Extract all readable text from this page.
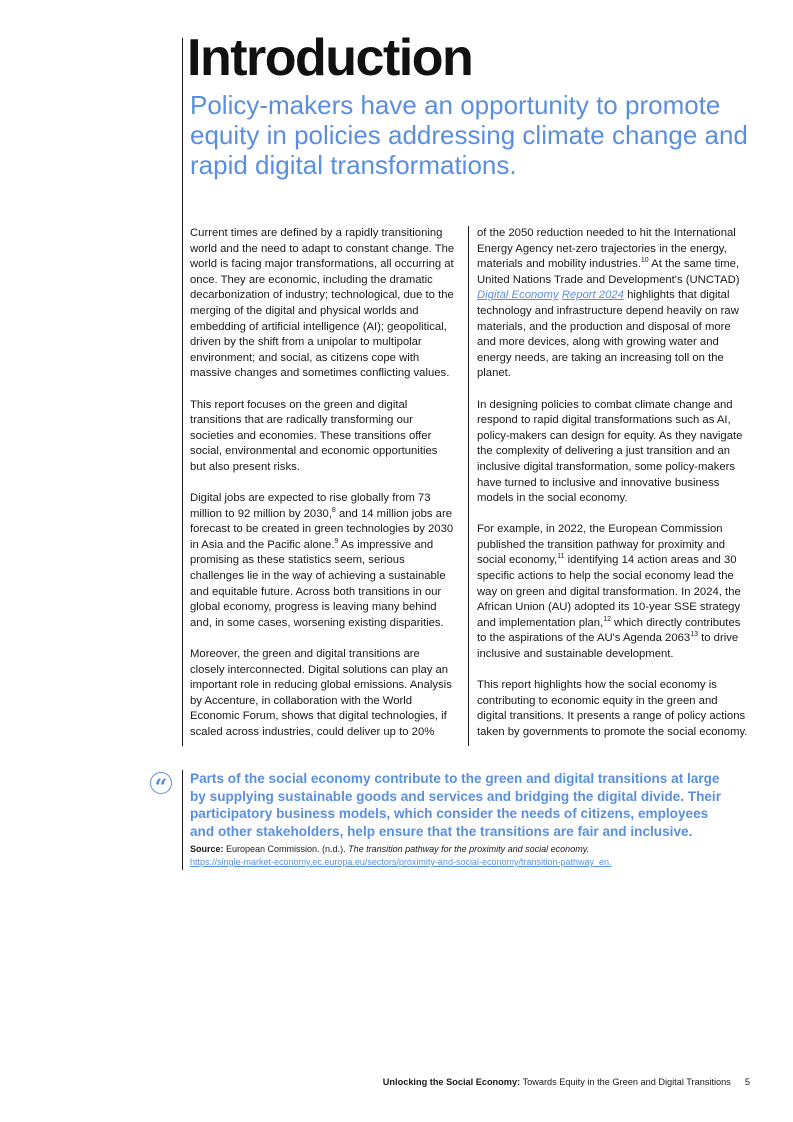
Introduction
Policy-makers have an opportunity to promote equity in policies addressing climate change and rapid digital transformations.

Current times are defined by a rapidly transitioning world and the need to adapt to constant change. The world is facing major transformations, all occurring at once. They are economic, including the dramatic decarbonization of industry; technological, due to the merging of the digital and physical worlds and embedding of artificial intelligence (AI); geopolitical, driven by the shift from a unipolar to multipolar environment; and social, as citizens cope with massive changes and sometimes conflicting values.

This report focuses on the green and digital transitions that are radically transforming our societies and economies. These transitions offer social, environmental and economic opportunities but also present risks.

Digital jobs are expected to rise globally from 73 million to 92 million by 2030,$^8$ and 14 million jobs are forecast to be created in green technologies by 2030 in Asia and the Pacific alone.$^9$ As impressive and promising as these statistics seem, serious challenges lie in the way of achieving a sustainable and equitable future. Across both transitions in our global economy, progress is leaving many behind and, in some cases, worsening existing disparities.

Moreover, the green and digital transitions are closely interconnected. Digital solutions can play an important role in reducing global emissions. Analysis by Accenture, in collaboration with the World Economic Forum, shows that digital technologies, if scaled across industries, could deliver up to 20%

of the 2050 reduction needed to hit the International Energy Agency net-zero trajectories in the energy, materials and mobility industries.$^{10}$ At the same time, United Nations Trade and Development's (UNCTAD) Digital Economy Report 2024 highlights that digital technology and infrastructure depend heavily on raw materials, and the production and disposal of more and more devices, along with growing water and energy needs, are taking an increasing toll on the planet.

In designing policies to combat climate change and respond to rapid digital transformations such as AI, policy-makers can design for equity. As they navigate the complexity of delivering a just transition and an inclusive digital transformation, some policy-makers have turned to inclusive and innovative business models in the social economy.

For example, in 2022, the European Commission published the transition pathway for proximity and social economy,$^{11}$ identifying 14 action areas and 30 specific actions to help the social economy lead the way on green and digital transformation. In 2024, the African Union (AU) adopted its 10-year SSE strategy and implementation plan,$^{12}$ which directly contributes to the aspirations of the AU's Agenda 2063$^{13}$ to drive inclusive and sustainable development.

This report highlights how the social economy is contributing to economic equity in the green and digital transitions. It presents a range of policy actions taken by governments to promote the social economy.

“	Parts of the social economy contribute to the green and digital transitions at large by supplying sustainable goods and services and bridging the digital divide. Their participatory business models, which consider the needs of citizens, employees and other stakeholders, help ensure that the transitions are fair and inclusive.

Source: European Commission. (n.d.). The transition pathway for the proximity and social economy.
https://single-market-economy.ec.europa.eu/sectors/proximity-and-social-economy/transition-pathway_en.
Unlocking the Social Economy: Towards Equity in the Green and Digital Transitions 5
